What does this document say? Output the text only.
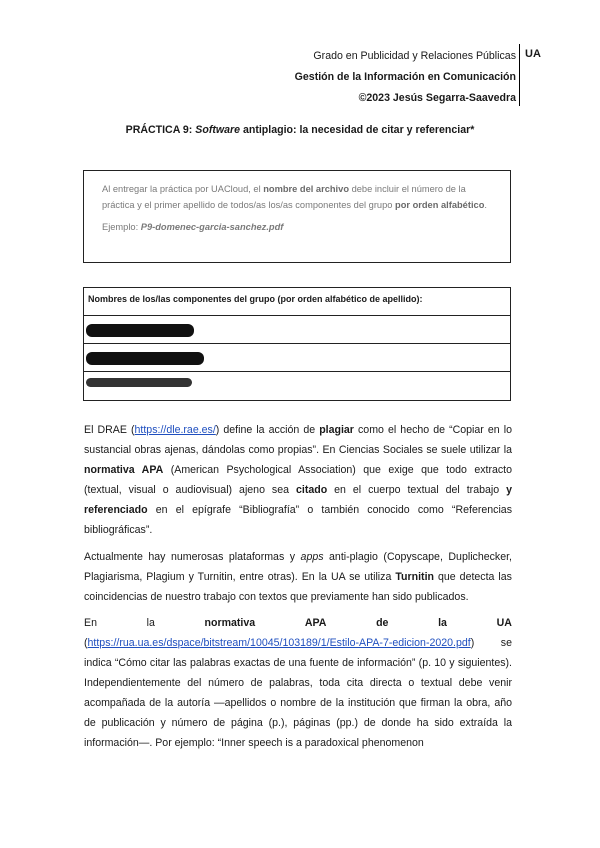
Grado en Publicidad y Relaciones Públicas
Gestión de la Información en Comunicación
©2023 Jesús Segarra-Saavedra
UA
PRÁCTICA 9: Software antiplagio: la necesidad de citar y referenciar*
Al entregar la práctica por UACloud, el nombre del archivo debe incluir el número de la práctica y el primer apellido de todos/as los/as componentes del grupo por orden alfabético.
Ejemplo: P9-domenec-garcia-sanchez.pdf
Nombres de los/las componentes del grupo (por orden alfabético de apellido):
El DRAE (https://dle.rae.es/) define la acción de plagiar como el hecho de “Copiar en lo sustancial obras ajenas, dándolas como propias”. En Ciencias Sociales se suele utilizar la normativa APA (American Psychological Association) que exige que todo extracto (textual, visual o audiovisual) ajeno sea citado en el cuerpo textual del trabajo y referenciado en el epígrafe “Bibliografía” o también conocido como “Referencias bibliográficas”.
Actualmente hay numerosas plataformas y apps anti-plagio (Copyscape, Duplichecker, Plagiarisma, Plagium y Turnitin, entre otras). En la UA se utiliza Turnitin que detecta las coincidencias de nuestro trabajo con textos que previamente han sido publicados.
En	la	normativa	APA	de	la	UA
(https://rua.ua.es/dspace/bitstream/10045/103189/1/Estilo-APA-7-edicion-2020.pdf) se indica “Cómo citar las palabras exactas de una fuente de información” (p. 10 y siguientes). Independientemente del número de palabras, toda cita directa o textual debe venir acompañada de la autoría —apellidos o nombre de la institución que firman la obra, año de publicación y número de página (p.), páginas (pp.) de donde ha sido extraída la información—. Por ejemplo: “Inner speech is a paradoxical phenomenon
